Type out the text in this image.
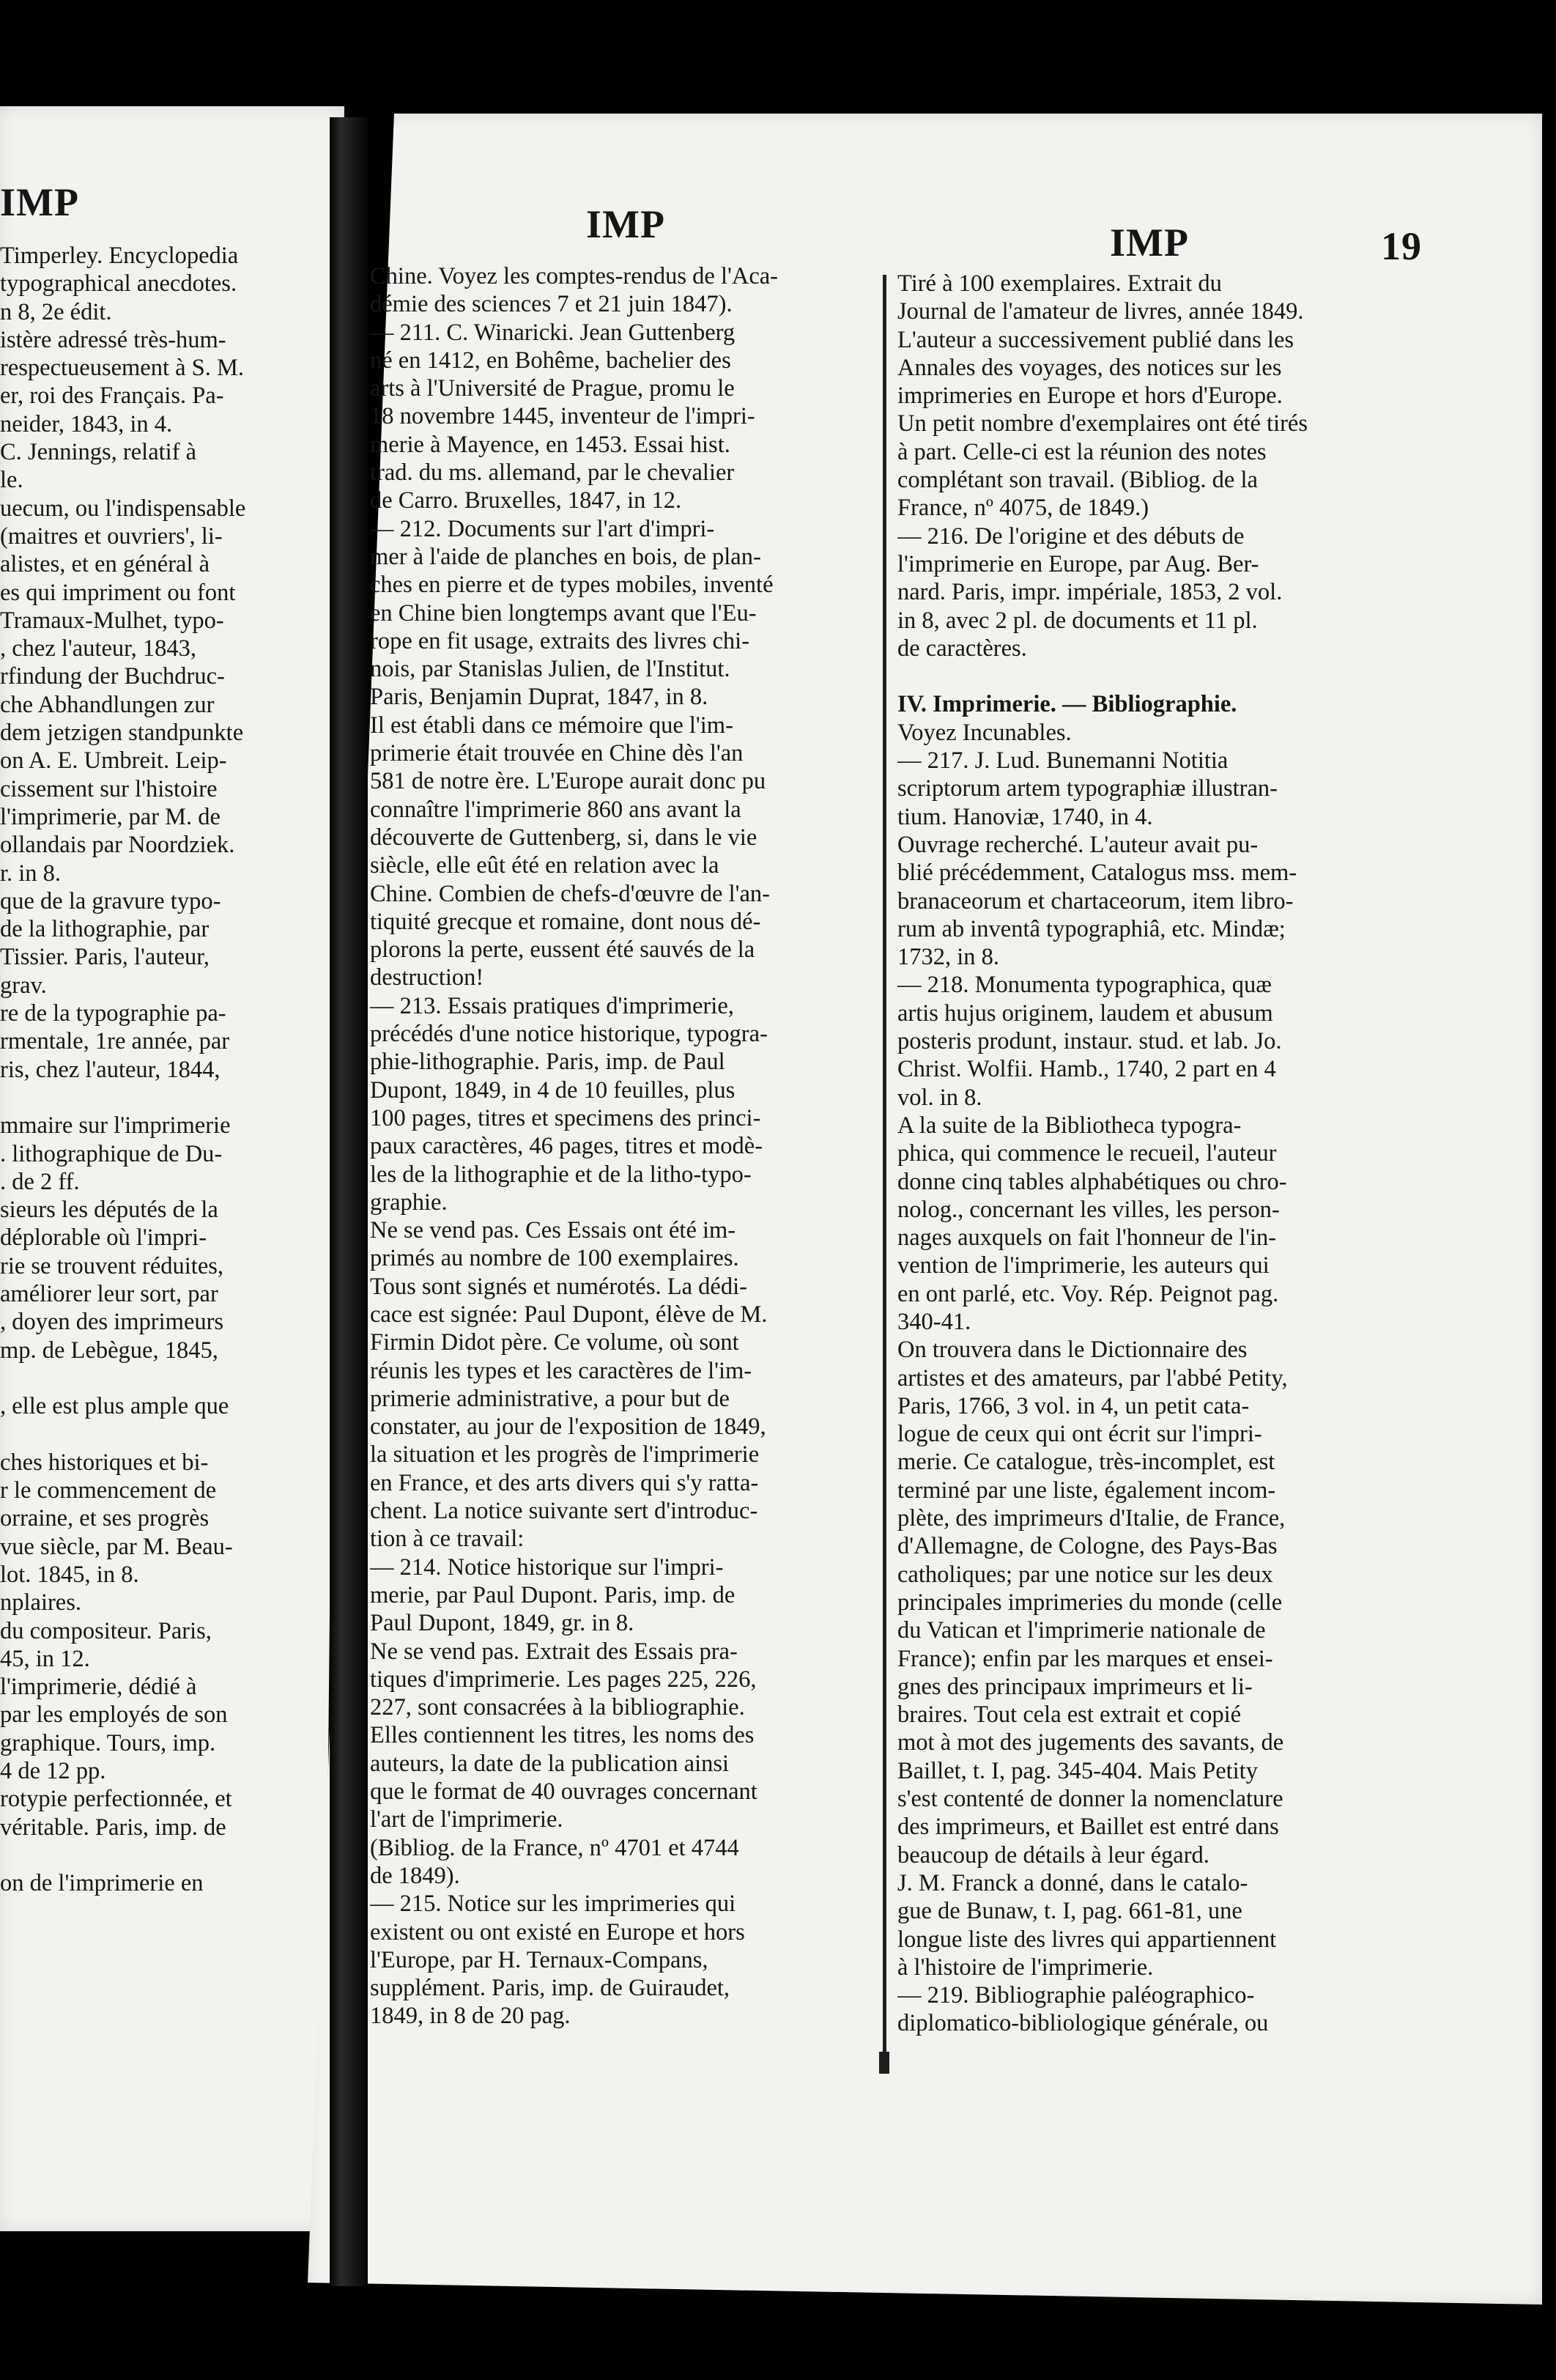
IMP	IMP	IMP	19

Timperley. Encyclopedia

typographical anecdotes.

n 8, 2e édit.

istère adressé très-hum-

respectueusement à S. M.

er, roi des Français. Pa-

neider, 1843, in 4.

C. Jennings, relatif à

le.

uecum, ou l'indispensable

(maitres et ouvriers', li-

alistes, et en général à

es qui impriment ou font

Tramaux-Mulhet, typo-

, chez l'auteur, 1843,

rfindung der Buchdruc-

che Abhandlungen zur

dem jetzigen standpunkte

on A. E. Umbreit. Leip-

cissement sur l'histoire

l'imprimerie, par M. de

ollandais par Noordziek.

r. in 8.

que de la gravure typo-

de la lithographie, par

Tissier. Paris, l'auteur,

grav.

re de la typographie pa-

rmentale, 1re année, par

ris, chez l'auteur, 1844,

mmaire sur l'imprimerie

. lithographique de Du-

. de 2 ff.

sieurs les députés de la

déplorable où l'impri-

rie se trouvent réduites,

améliorer leur sort, par

, doyen des imprimeurs

mp. de Lebègue, 1845,

, elle est plus ample que

ches historiques et bi-

r le commencement de

orraine, et ses progrès

vue siècle, par M. Beau-

lot. 1845, in 8.

nplaires.

du compositeur. Paris,

45, in 12.

l'imprimerie, dédié à

par les employés de son

graphique. Tours, imp.

4 de 12 pp.

rotypie perfectionnée, et

véritable. Paris, imp. de

on de l'imprimerie en

Chine. Voyez les comptes-rendus de l'Aca-

démie des sciences 7 et 21 juin 1847).

— 211. C. Winaricki. Jean Guttenberg

né en 1412, en Bohême, bachelier des

arts à l'Université de Prague, promu le

18 novembre 1445, inventeur de l'impri-

merie à Mayence, en 1453. Essai hist.

trad. du ms. allemand, par le chevalier

de Carro. Bruxelles, 1847, in 12.

— 212. Documents sur l'art d'impri-

mer à l'aide de planches en bois, de plan-

ches en pierre et de types mobiles, inventé

en Chine bien longtemps avant que l'Eu-

rope en fit usage, extraits des livres chi-

nois, par Stanislas Julien, de l'Institut.

Paris, Benjamin Duprat, 1847, in 8.

Il est établi dans ce mémoire que l'im-

primerie était trouvée en Chine dès l'an

581 de notre ère. L'Europe aurait donc pu

connaître l'imprimerie 860 ans avant la

découverte de Guttenberg, si, dans le vie

siècle, elle eût été en relation avec la

Chine. Combien de chefs-d'œuvre de l'an-

tiquité grecque et romaine, dont nous dé-

plorons la perte, eussent été sauvés de la

destruction!

— 213. Essais pratiques d'imprimerie,

précédés d'une notice historique, typogra-

phie-lithographie. Paris, imp. de Paul

Dupont, 1849, in 4 de 10 feuilles, plus

100 pages, titres et specimens des princi-

paux caractères, 46 pages, titres et modè-

les de la lithographie et de la litho-typo-

graphie.

Ne se vend pas. Ces Essais ont été im-

primés au nombre de 100 exemplaires.

Tous sont signés et numérotés. La dédi-

cace est signée: Paul Dupont, élève de M.

Firmin Didot père. Ce volume, où sont

réunis les types et les caractères de l'im-

primerie administrative, a pour but de

constater, au jour de l'exposition de 1849,

la situation et les progrès de l'imprimerie

en France, et des arts divers qui s'y ratta-

chent. La notice suivante sert d'introduc-

tion à ce travail:

— 214. Notice historique sur l'impri-

merie, par Paul Dupont. Paris, imp. de

Paul Dupont, 1849, gr. in 8.

Ne se vend pas. Extrait des Essais pra-

tiques d'imprimerie. Les pages 225, 226,

227, sont consacrées à la bibliographie.

Elles contiennent les titres, les noms des

auteurs, la date de la publication ainsi

que le format de 40 ouvrages concernant

l'art de l'imprimerie.

(Bibliog. de la France, nº 4701 et 4744

de 1849).

— 215. Notice sur les imprimeries qui

existent ou ont existé en Europe et hors

l'Europe, par H. Ternaux-Compans,

supplément. Paris, imp. de Guiraudet,

1849, in 8 de 20 pag.

Tiré à 100 exemplaires. Extrait du

Journal de l'amateur de livres, année 1849.

L'auteur a successivement publié dans les

Annales des voyages, des notices sur les

imprimeries en Europe et hors d'Europe.

Un petit nombre d'exemplaires ont été tirés

à part. Celle-ci est la réunion des notes

complétant son travail. (Bibliog. de la

France, nº 4075, de 1849.)

— 216. De l'origine et des débuts de

l'imprimerie en Europe, par Aug. Ber-

nard. Paris, impr. impériale, 1853, 2 vol.

in 8, avec 2 pl. de documents et 11 pl.

de caractères.

IV. Imprimerie. — Bibliographie.

Voyez Incunables.

— 217. J. Lud. Bunemanni Notitia

scriptorum artem typographiæ illustran-

tium. Hanoviæ, 1740, in 4.

Ouvrage recherché. L'auteur avait pu-

blié précédemment, Catalogus mss. mem-

branaceorum et chartaceorum, item libro-

rum ab inventâ typographiâ, etc. Mindæ;

1732, in 8.

— 218. Monumenta typographica, quæ

artis hujus originem, laudem et abusum

posteris produnt, instaur. stud. et lab. Jo.

Christ. Wolfii. Hamb., 1740, 2 part en 4

vol. in 8.

A la suite de la Bibliotheca typogra-

phica, qui commence le recueil, l'auteur

donne cinq tables alphabétiques ou chro-

nolog., concernant les villes, les person-

nages auxquels on fait l'honneur de l'in-

vention de l'imprimerie, les auteurs qui

en ont parlé, etc. Voy. Rép. Peignot pag.

340-41.

On trouvera dans le Dictionnaire des

artistes et des amateurs, par l'abbé Petity,

Paris, 1766, 3 vol. in 4, un petit cata-

logue de ceux qui ont écrit sur l'impri-

merie. Ce catalogue, très-incomplet, est

terminé par une liste, également incom-

plète, des imprimeurs d'Italie, de France,

d'Allemagne, de Cologne, des Pays-Bas

catholiques; par une notice sur les deux

principales imprimeries du monde (celle

du Vatican et l'imprimerie nationale de

France); enfin par les marques et ensei-

gnes des principaux imprimeurs et li-

braires. Tout cela est extrait et copié

mot à mot des jugements des savants, de

Baillet, t. I, pag. 345-404. Mais Petity

s'est contenté de donner la nomenclature

des imprimeurs, et Baillet est entré dans

beaucoup de détails à leur égard.

J. M. Franck a donné, dans le catalo-

gue de Bunaw, t. I, pag. 661-81, une

longue liste des livres qui appartiennent

à l'histoire de l'imprimerie.

— 219. Bibliographie paléographico-

diplomatico-bibliologique générale, ou
